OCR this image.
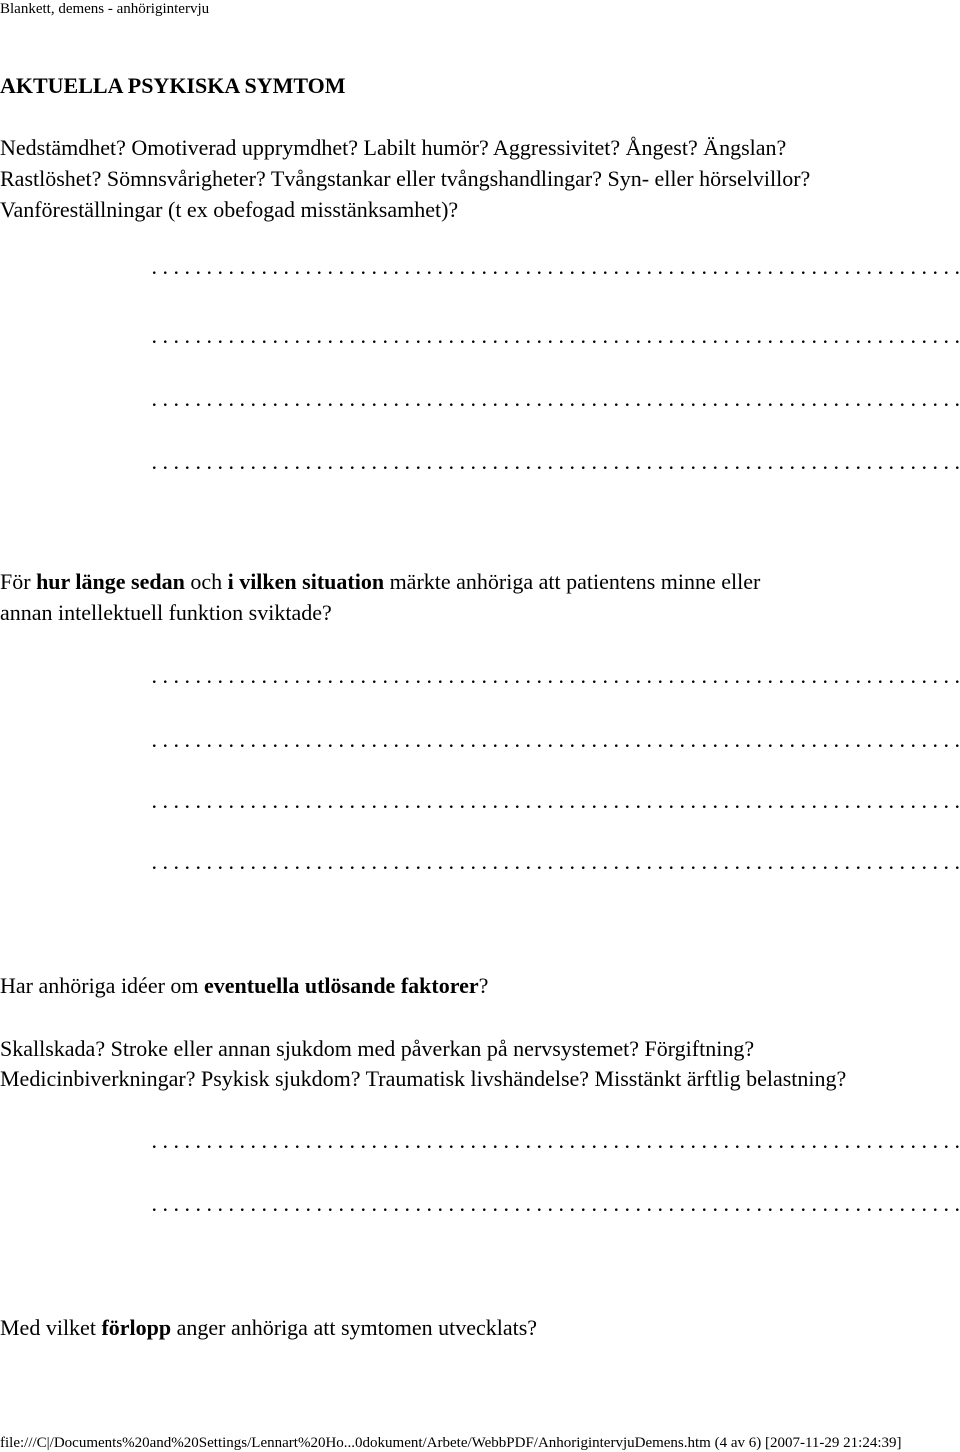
Blankett, demens - anhörigintervju
AKTUELLA PSYKISKA SYMTOM
Nedstämdhet? Omotiverad upprymdhet? Labilt humör? Aggressivitet? Ångest? Ängslan?
Rastlöshet? Sömnsvårigheter? Tvångstankar eller tvångshandlingar? Syn- eller hörselvillor?
Vanföreställningar (t ex obefogad misstänksamhet)?
. . . . . . . . . . . . . . . . . . . . . . . . . . . . . . . . . . . . . . . . . . . . . . . . . . . . . . . . . . . . . . . . . . . . . . . . . .
. . . . . . . . . . . . . . . . . . . . . . . . . . . . . . . . . . . . . . . . . . . . . . . . . . . . . . . . . . . . . . . . . . . . . . . . . .
. . . . . . . . . . . . . . . . . . . . . . . . . . . . . . . . . . . . . . . . . . . . . . . . . . . . . . . . . . . . . . . . . . . . . . . . . .
. . . . . . . . . . . . . . . . . . . . . . . . . . . . . . . . . . . . . . . . . . . . . . . . . . . . . . . . . . . . . . . . . . . . . . . . . .
För hur länge sedan och i vilken situation märkte anhöriga att patientens minne eller
annan intellektuell funktion sviktade?
. . . . . . . . . . . . . . . . . . . . . . . . . . . . . . . . . . . . . . . . . . . . . . . . . . . . . . . . . . . . . . . . . . . . . . . . . .
. . . . . . . . . . . . . . . . . . . . . . . . . . . . . . . . . . . . . . . . . . . . . . . . . . . . . . . . . . . . . . . . . . . . . . . . . .
. . . . . . . . . . . . . . . . . . . . . . . . . . . . . . . . . . . . . . . . . . . . . . . . . . . . . . . . . . . . . . . . . . . . . . . . . .
. . . . . . . . . . . . . . . . . . . . . . . . . . . . . . . . . . . . . . . . . . . . . . . . . . . . . . . . . . . . . . . . . . . . . . . . . .
Har anhöriga idéer om eventuella utlösande faktorer?
Skallskada? Stroke eller annan sjukdom med påverkan på nervsystemet? Förgiftning?
Medicinbiverkningar? Psykisk sjukdom? Traumatisk livshändelse? Misstänkt ärftlig belastning?
. . . . . . . . . . . . . . . . . . . . . . . . . . . . . . . . . . . . . . . . . . . . . . . . . . . . . . . . . . . . . . . . . . . . . . . . . .
. . . . . . . . . . . . . . . . . . . . . . . . . . . . . . . . . . . . . . . . . . . . . . . . . . . . . . . . . . . . . . . . . . . . . . . . . .
Med vilket förlopp anger anhöriga att symtomen utvecklats?
file:///C|/Documents%20and%20Settings/Lennart%20Ho...0dokument/Arbete/WebbPDF/AnhorigintervjuDemens.htm (4 av 6) [2007-11-29 21:24:39]
